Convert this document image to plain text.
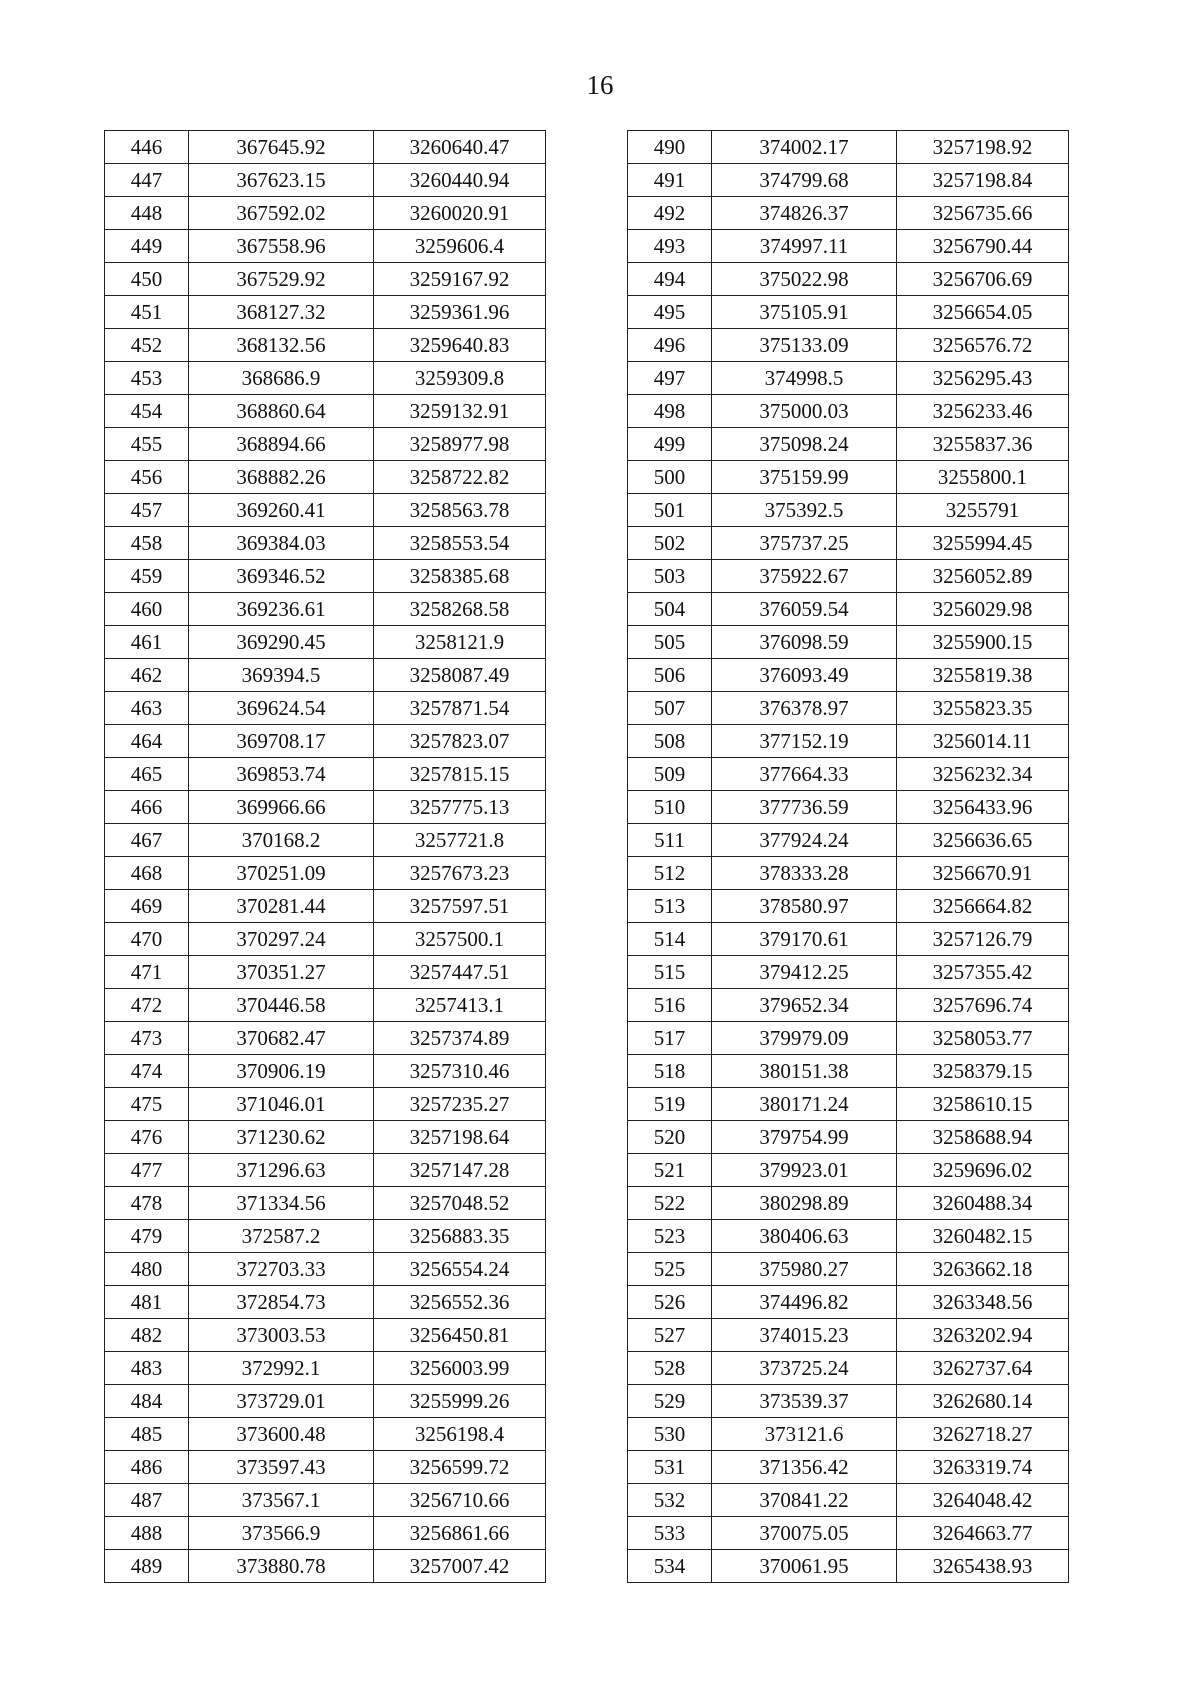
16
446	367645.92	3260640.47
447	367623.15	3260440.94
448	367592.02	3260020.91
449	367558.96	3259606.4
450	367529.92	3259167.92
451	368127.32	3259361.96
452	368132.56	3259640.83
453	368686.9	3259309.8
454	368860.64	3259132.91
455	368894.66	3258977.98
456	368882.26	3258722.82
457	369260.41	3258563.78
458	369384.03	3258553.54
459	369346.52	3258385.68
460	369236.61	3258268.58
461	369290.45	3258121.9
462	369394.5	3258087.49
463	369624.54	3257871.54
464	369708.17	3257823.07
465	369853.74	3257815.15
466	369966.66	3257775.13
467	370168.2	3257721.8
468	370251.09	3257673.23
469	370281.44	3257597.51
470	370297.24	3257500.1
471	370351.27	3257447.51
472	370446.58	3257413.1
473	370682.47	3257374.89
474	370906.19	3257310.46
475	371046.01	3257235.27
476	371230.62	3257198.64
477	371296.63	3257147.28
478	371334.56	3257048.52
479	372587.2	3256883.35
480	372703.33	3256554.24
481	372854.73	3256552.36
482	373003.53	3256450.81
483	372992.1	3256003.99
484	373729.01	3255999.26
485	373600.48	3256198.4
486	373597.43	3256599.72
487	373567.1	3256710.66
488	373566.9	3256861.66
489	373880.78	3257007.42
490	374002.17	3257198.92
491	374799.68	3257198.84
492	374826.37	3256735.66
493	374997.11	3256790.44
494	375022.98	3256706.69
495	375105.91	3256654.05
496	375133.09	3256576.72
497	374998.5	3256295.43
498	375000.03	3256233.46
499	375098.24	3255837.36
500	375159.99	3255800.1
501	375392.5	3255791
502	375737.25	3255994.45
503	375922.67	3256052.89
504	376059.54	3256029.98
505	376098.59	3255900.15
506	376093.49	3255819.38
507	376378.97	3255823.35
508	377152.19	3256014.11
509	377664.33	3256232.34
510	377736.59	3256433.96
511	377924.24	3256636.65
512	378333.28	3256670.91
513	378580.97	3256664.82
514	379170.61	3257126.79
515	379412.25	3257355.42
516	379652.34	3257696.74
517	379979.09	3258053.77
518	380151.38	3258379.15
519	380171.24	3258610.15
520	379754.99	3258688.94
521	379923.01	3259696.02
522	380298.89	3260488.34
523	380406.63	3260482.15
525	375980.27	3263662.18
526	374496.82	3263348.56
527	374015.23	3263202.94
528	373725.24	3262737.64
529	373539.37	3262680.14
530	373121.6	3262718.27
531	371356.42	3263319.74
532	370841.22	3264048.42
533	370075.05	3264663.77
534	370061.95	3265438.93
